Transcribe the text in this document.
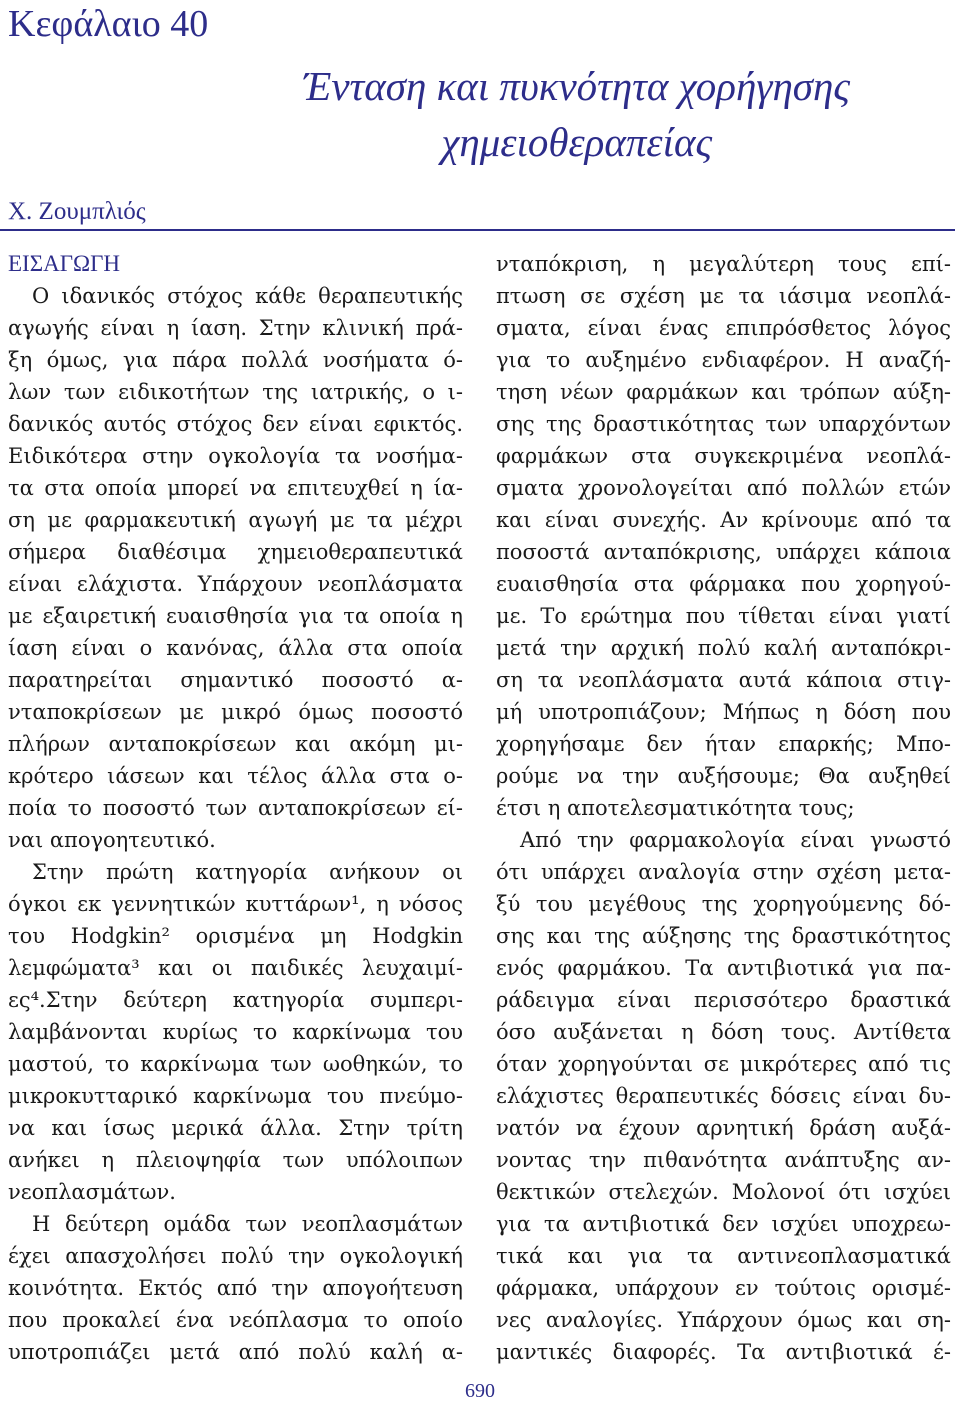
Κεφάλαιο 40
Ένταση και πυκνότητα χορήγησης
χημειοθεραπείας
Χ. Ζουμπλιός
ΕΙΣΑΓΩΓΗ
Ο ιδανικός στόχος κάθε θεραπευτικής
αγωγής είναι η ίαση. Στην κλινική πρά-
ξη όμως, για πάρα πολλά νοσήματα ό-
λων των ειδικοτήτων της ιατρικής, ο ι-
δανικός αυτός στόχος δεν είναι εφικτός.
Ειδικότερα στην ογκολογία τα νοσήμα-
τα στα οποία μπορεί να επιτευχθεί η ία-
ση με φαρμακευτική αγωγή με τα μέχρι
σήμερα διαθέσιμα χημειοθεραπευτικά
είναι ελάχιστα. Υπάρχουν νεοπλάσματα
με εξαιρετική ευαισθησία για τα οποία η
ίαση είναι ο κανόνας, άλλα στα οποία
παρατηρείται σημαντικό ποσοστό α-
νταποκρίσεων με μικρό όμως ποσοστό
πλήρων ανταποκρίσεων και ακόμη μι-
κρότερο ιάσεων και τέλος άλλα στα ο-
ποία το ποσοστό των ανταποκρίσεων εί-
ναι απογοητευτικό.
Στην πρώτη κατηγορία ανήκουν οι
όγκοι εκ γεννητικών κυττάρων¹, η νόσος
του Hodgkin² ορισμένα μη Hodgkin
λεμφώματα³ και οι παιδικές λευχαιμί-
ες⁴.Στην δεύτερη κατηγορία συμπερι-
λαμβάνονται κυρίως το καρκίνωμα του
μαστού, το καρκίνωμα των ωοθηκών, το
μικροκυτταρικό καρκίνωμα του πνεύμο-
να και ίσως μερικά άλλα. Στην τρίτη
ανήκει η πλειοψηφία των υπόλοιπων
νεοπλασμάτων.
Η δεύτερη ομάδα των νεοπλασμάτων
έχει απασχολήσει πολύ την ογκολογική
κοινότητα. Εκτός από την απογοήτευση
που προκαλεί ένα νεόπλασμα το οποίο
υποτροπιάζει μετά από πολύ καλή α-
νταπόκριση, η μεγαλύτερη τους επί-
πτωση σε σχέση με τα ιάσιμα νεοπλά-
σματα, είναι ένας επιπρόσθετος λόγος
για το αυξημένο ενδιαφέρον. Η αναζή-
τηση νέων φαρμάκων και τρόπων αύξη-
σης της δραστικότητας των υπαρχόντων
φαρμάκων στα συγκεκριμένα νεοπλά-
σματα χρονολογείται από πολλών ετών
και είναι συνεχής. Αν κρίνουμε από τα
ποσοστά ανταπόκρισης, υπάρχει κάποια
ευαισθησία στα φάρμακα που χορηγού-
με. Το ερώτημα που τίθεται είναι γιατί
μετά την αρχική πολύ καλή ανταπόκρι-
ση τα νεοπλάσματα αυτά κάποια στιγ-
μή υποτροπιάζουν; Μήπως η δόση που
χορηγήσαμε δεν ήταν επαρκής; Μπο-
ρούμε να την αυξήσουμε; Θα αυξηθεί
έτσι η αποτελεσματικότητα τους;
Από την φαρμακολογία είναι γνωστό
ότι υπάρχει αναλογία στην σχέση μετα-
ξύ του μεγέθους της χορηγούμενης δό-
σης και της αύξησης της δραστικότητος
ενός φαρμάκου. Τα αντιβιοτικά για πα-
ράδειγμα είναι περισσότερο δραστικά
όσο αυξάνεται η δόση τους. Αντίθετα
όταν χορηγούνται σε μικρότερες από τις
ελάχιστες θεραπευτικές δόσεις είναι δυ-
νατόν να έχουν αρνητική δράση αυξά-
νοντας την πιθανότητα ανάπτυξης αν-
θεκτικών στελεχών. Μολονοί ότι ισχύει
για τα αντιβιοτικά δεν ισχύει υποχρεω-
τικά και για τα αντινεοπλασματικά
φάρμακα, υπάρχουν εν τούτοις ορισμέ-
νες αναλογίες. Υπάρχουν όμως και ση-
μαντικές διαφορές. Τα αντιβιοτικά έ-
690
